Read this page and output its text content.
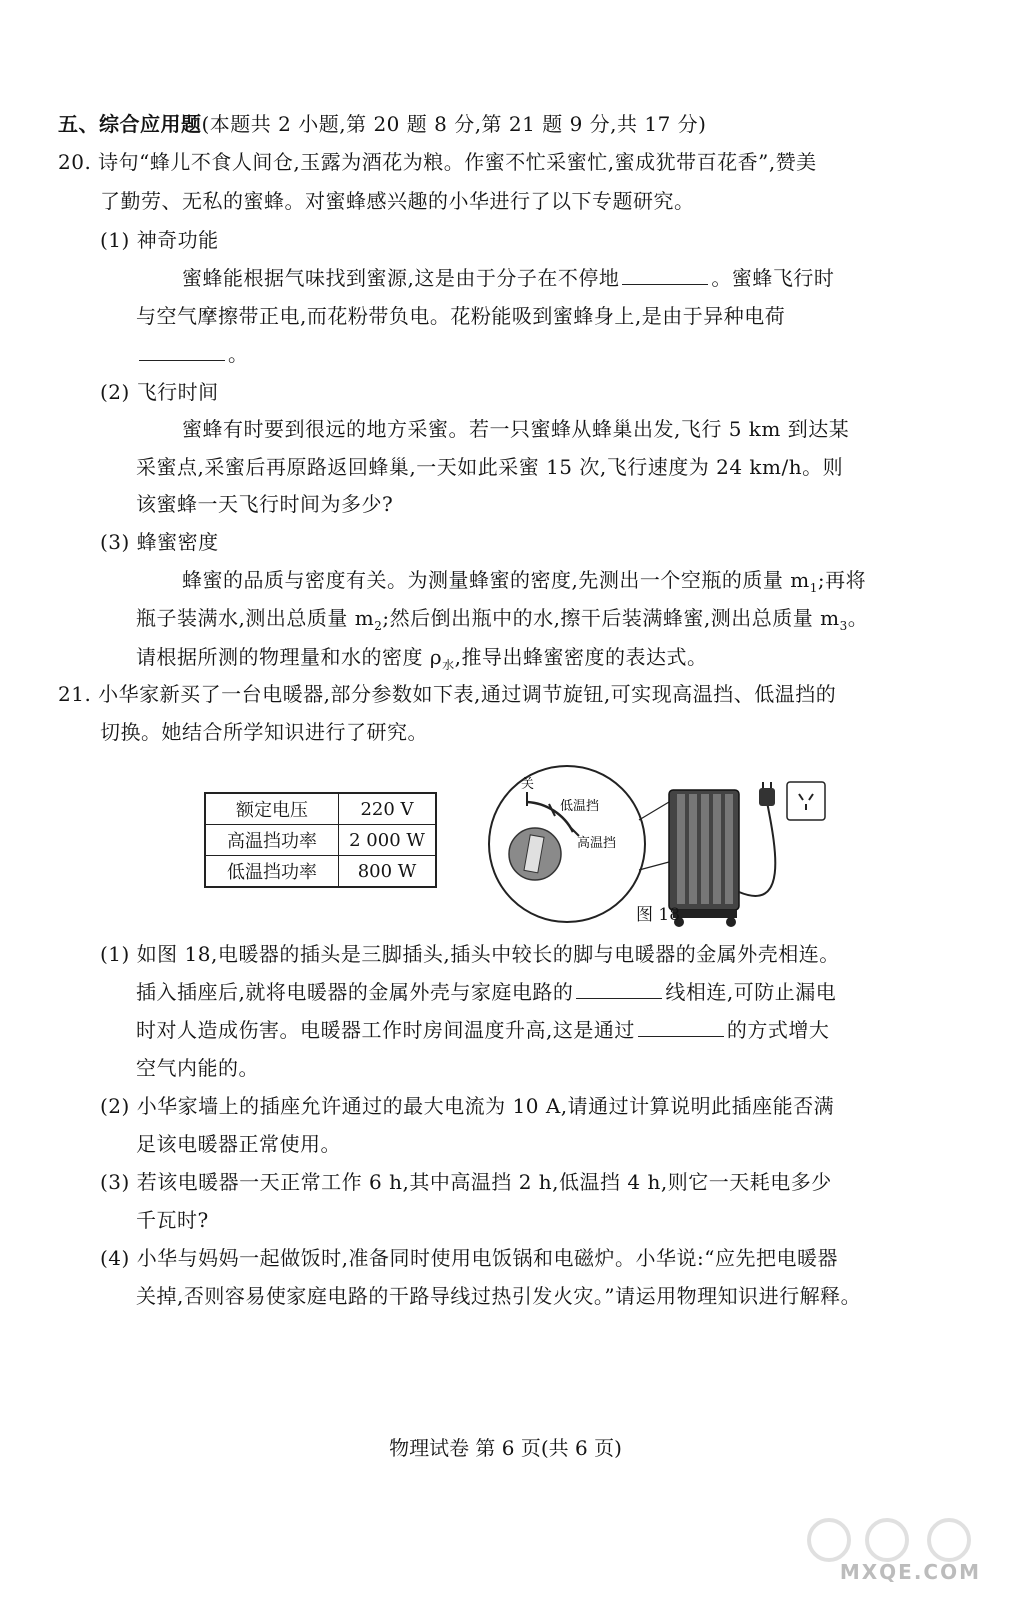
五、综合应用题(本题共 2 小题,第 20 题 8 分,第 21 题 9 分,共 17 分)
20. 诗句“蜂儿不食人间仓,玉露为酒花为粮。作蜜不忙采蜜忙,蜜成犹带百花香”,赞美
了勤劳、无私的蜜蜂。对蜜蜂感兴趣的小华进行了以下专题研究。
(1) 神奇功能
蜜蜂能根据气味找到蜜源,这是由于分子在不停地	。蜜蜂飞行时
与空气摩擦带正电,而花粉带负电。花粉能吸到蜜蜂身上,是由于异种电荷
。
(2) 飞行时间
蜜蜂有时要到很远的地方采蜜。若一只蜜蜂从蜂巢出发,飞行 5 km 到达某
采蜜点,采蜜后再原路返回蜂巢,一天如此采蜜 15 次,飞行速度为 24 km/h。则
该蜜蜂一天飞行时间为多少?
(3) 蜂蜜密度
蜂蜜的品质与密度有关。为测量蜂蜜的密度,先测出一个空瓶的质量 $m_1$;再将
瓶子装满水,测出总质量 $m_2$;然后倒出瓶中的水,擦干后装满蜂蜜,测出总质量 $m_3$。
请根据所测的物理量和水的密度 $\rho_水$,推导出蜂蜜密度的表达式。
21. 小华家新买了一台电暖器,部分参数如下表,通过调节旋钮,可实现高温挡、低温挡的
切换。她结合所学知识进行了研究。
额定电压	220 V
高温挡功率	2 000 W
低温挡功率	800 W
关
低温挡
高温挡
图 18
(1) 如图 18,电暖器的插头是三脚插头,插头中较长的脚与电暖器的金属外壳相连。
插入插座后,就将电暖器的金属外壳与家庭电路的	线相连,可防止漏电
时对人造成伤害。电暖器工作时房间温度升高,这是通过	的方式增大
空气内能的。
(2) 小华家墙上的插座允许通过的最大电流为 10 A,请通过计算说明此插座能否满
足该电暖器正常使用。
(3) 若该电暖器一天正常工作 6 h,其中高温挡 2 h,低温挡 4 h,则它一天耗电多少
千瓦时?
(4) 小华与妈妈一起做饭时,准备同时使用电饭锅和电磁炉。小华说:“应先把电暖器
关掉,否则容易使家庭电路的干路导线过热引发火灾。”请运用物理知识进行解释。
物理试卷 第 6 页(共 6 页)
MXQE.COM
